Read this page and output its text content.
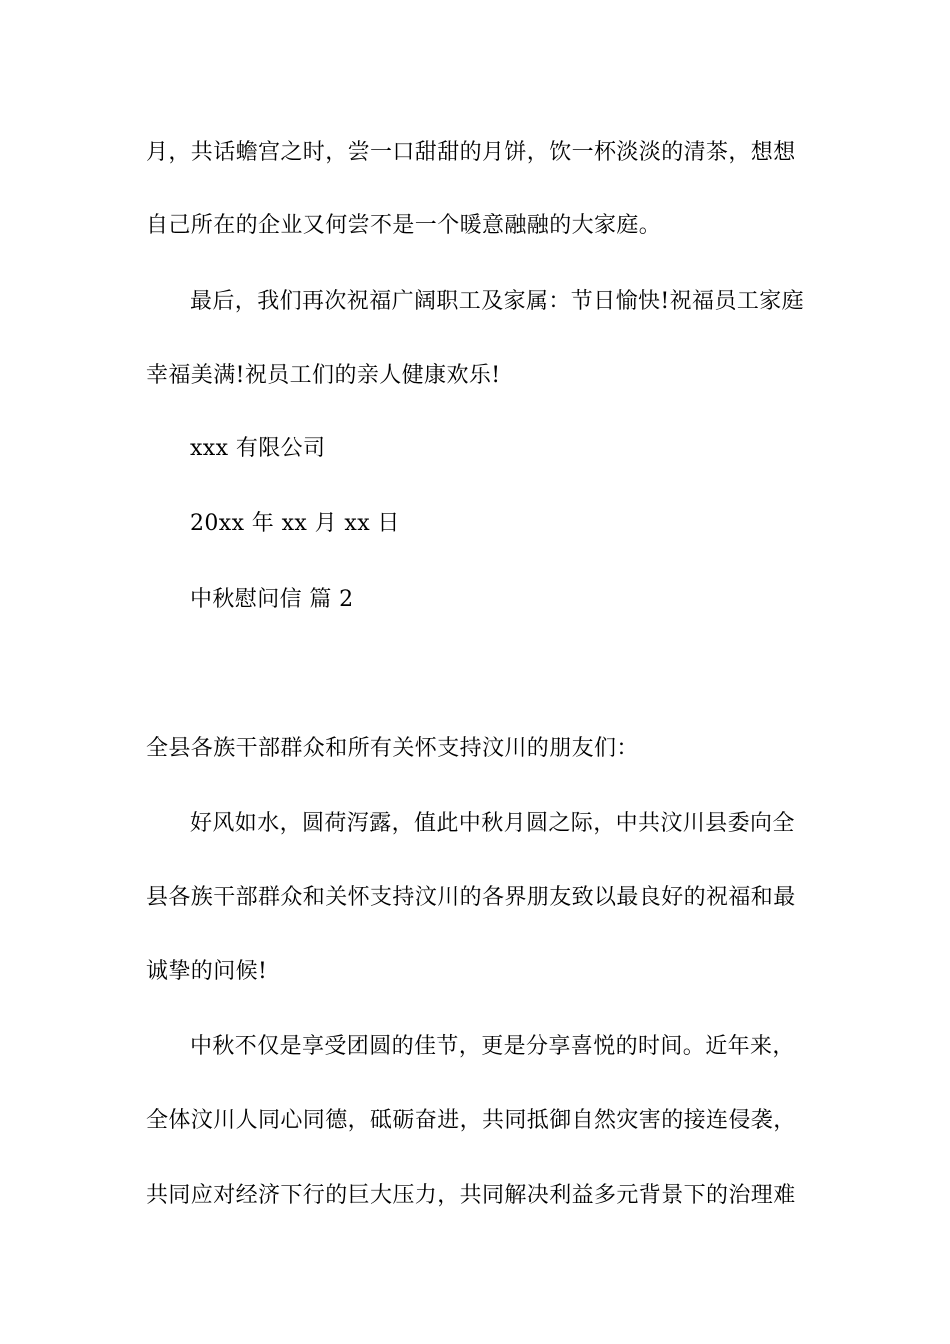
月，共话蟾宫之时，尝一口甜甜的月饼，饮一杯淡淡的清茶，想想
自己所在的企业又何尝不是一个暖意融融的大家庭。
最后，我们再次祝福广阔职工及家属：节日愉快!祝福员工家庭
幸福美满!祝员工们的亲人健康欢乐!
xxx 有限公司
20xx 年 xx 月 xx 日
中秋慰问信 篇 2
全县各族干部群众和所有关怀支持汶川的朋友们：
好风如水，圆荷泻露，值此中秋月圆之际，中共汶川县委向全
县各族干部群众和关怀支持汶川的各界朋友致以最良好的祝福和最
诚挚的问候!
中秋不仅是享受团圆的佳节，更是分享喜悦的时间。近年来，
全体汶川人同心同德，砥砺奋进，共同抵御自然灾害的接连侵袭，
共同应对经济下行的巨大压力，共同解决利益多元背景下的治理难
